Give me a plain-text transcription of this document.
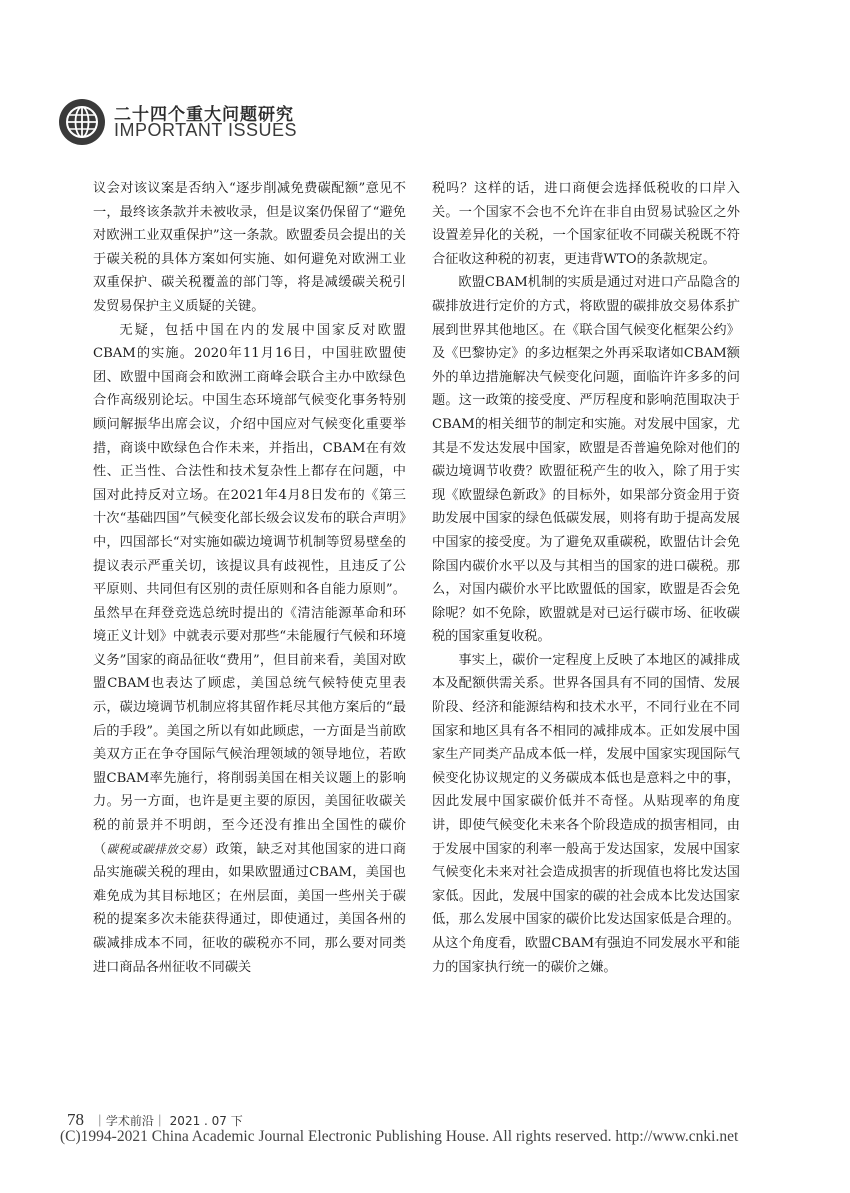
二十四个重大问题研究
IMPORTANT ISSUES

议会对该议案是否纳入“逐步削减免费碳配额”意见不一，最终该条款并未被收录，但是议案仍保留了“避免对欧洲工业双重保护”这一条款。欧盟委员会提出的关于碳关税的具体方案如何实施、如何避免对欧洲工业双重保护、碳关税覆盖的部门等，将是减缓碳关税引发贸易保护主义质疑的关键。

无疑，包括中国在内的发展中国家反对欧盟CBAM的实施。2020年11月16日，中国驻欧盟使团、欧盟中国商会和欧洲工商峰会联合主办中欧绿色合作高级别论坛。中国生态环境部气候变化事务特别顾问解振华出席会议，介绍中国应对气候变化重要举措，商谈中欧绿色合作未来，并指出，CBAM在有效性、正当性、合法性和技术复杂性上都存在问题，中国对此持反对立场。在2021年4月8日发布的《第三十次“基础四国”气候变化部长级会议发布的联合声明》中，四国部长“对实施如碳边境调节机制等贸易壁垒的提议表示严重关切，该提议具有歧视性，且违反了公平原则、共同但有区别的责任原则和各自能力原则”。虽然早在拜登竞选总统时提出的《清洁能源革命和环境正义计划》中就表示要对那些“未能履行气候和环境义务”国家的商品征收“费用”，但目前来看，美国对欧盟CBAM也表达了顾虑，美国总统气候特使克里表示，碳边境调节机制应将其留作耗尽其他方案后的“最后的手段”。美国之所以有如此顾虑，一方面是当前欧美双方正在争夺国际气候治理领域的领导地位，若欧盟CBAM率先施行，将削弱美国在相关议题上的影响力。另一方面，也许是更主要的原因，美国征收碳关税的前景并不明朗，至今还没有推出全国性的碳价（碳税或碳排放交易）政策，缺乏对其他国家的进口商品实施碳关税的理由，如果欧盟通过CBAM，美国也难免成为其目标地区；在州层面，美国一些州关于碳税的提案多次未能获得通过，即使通过，美国各州的碳减排成本不同，征收的碳税亦不同，那么要对同类进口商品各州征收不同碳关

税吗？这样的话，进口商便会选择低税收的口岸入关。一个国家不会也不允许在非自由贸易试验区之外设置差异化的关税，一个国家征收不同碳关税既不符合征收这种税的初衷，更违背WTO的条款规定。

欧盟CBAM机制的实质是通过对进口产品隐含的碳排放进行定价的方式，将欧盟的碳排放交易体系扩展到世界其他地区。在《联合国气候变化框架公约》及《巴黎协定》的多边框架之外再采取诸如CBAM额外的单边措施解决气候变化问题，面临许许多多的问题。这一政策的接受度、严厉程度和影响范围取决于CBAM的相关细节的制定和实施。对发展中国家，尤其是不发达发展中国家，欧盟是否普遍免除对他们的碳边境调节收费？欧盟征税产生的收入，除了用于实现《欧盟绿色新政》的目标外，如果部分资金用于资助发展中国家的绿色低碳发展，则将有助于提高发展中国家的接受度。为了避免双重碳税，欧盟估计会免除国内碳价水平以及与其相当的国家的进口碳税。那么，对国内碳价水平比欧盟低的国家，欧盟是否会免除呢？如不免除，欧盟就是对已运行碳市场、征收碳税的国家重复收税。

事实上，碳价一定程度上反映了本地区的减排成本及配额供需关系。世界各国具有不同的国情、发展阶段、经济和能源结构和技术水平，不同行业在不同国家和地区具有各不相同的减排成本。正如发展中国家生产同类产品成本低一样，发展中国家实现国际气候变化协议规定的义务碳成本低也是意料之中的事，因此发展中国家碳价低并不奇怪。从贴现率的角度讲，即使气候变化未来各个阶段造成的损害相同，由于发展中国家的利率一般高于发达国家，发展中国家气候变化未来对社会造成损害的折现值也将比发达国家低。因此，发展中国家的碳的社会成本比发达国家低，那么发展中国家的碳价比发达国家低是合理的。从这个角度看，欧盟CBAM有强迫不同发展水平和能力的国家执行统一的碳价之嫌。

78 ｜学术前沿｜ 2021 . 07 下
(C)1994-2021 China Academic Journal Electronic Publishing House. All rights reserved. http://www.cnki.net
